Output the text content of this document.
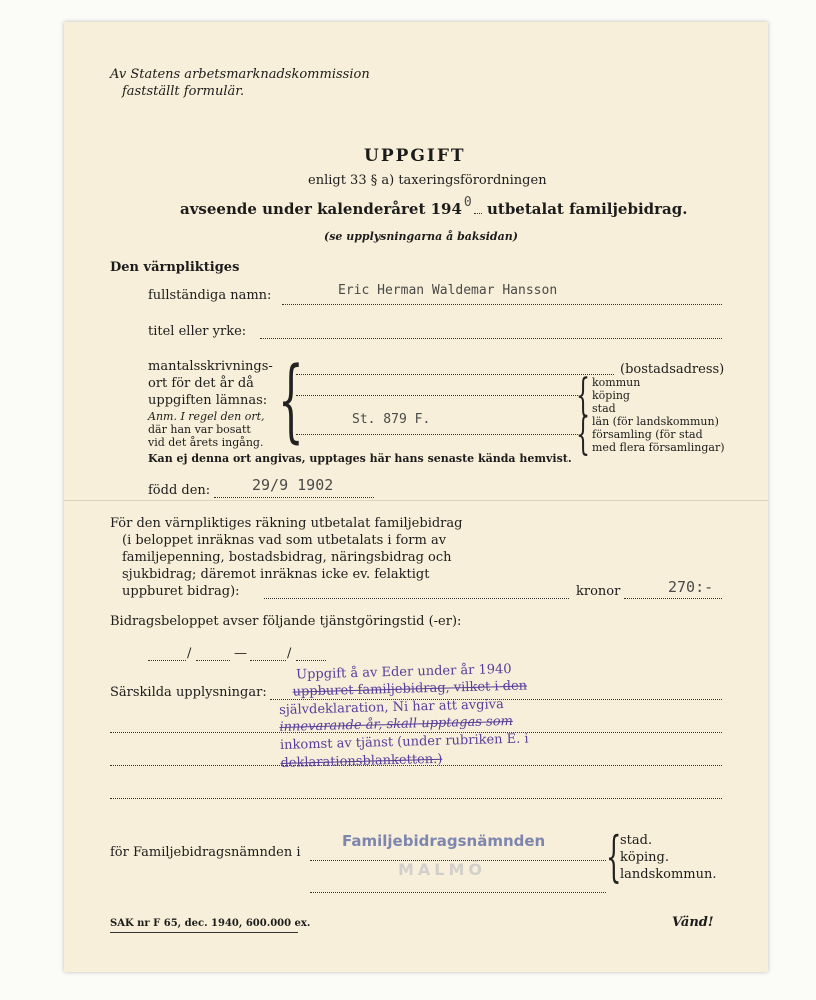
Av Statens arbetsmarknadskommission
fastställt formulär.
UPPGIFT
enligt 33 § a) taxeringsförordningen
avseende under kalenderåret 194 0 utbetalat familjebidrag.
(se upplysningarna å baksidan)
Den värnpliktiges
fullständiga namn:	Eric Herman Waldemar Hansson
titel eller yrke:
mantalsskrivnings-
ort för det år då
uppgiften lämnas:
Anm. I regel den ort,
där han var bosatt
vid det årets ingång. {	(bostadsadress)
{ kommun
köping
stad
St. 879 F.	{ län (för landskommun)
församling (för stad
med flera församlingar)
Kan ej denna ort angivas, upptages här hans senaste kända hemvist.
född den:	29/9 1902
För den värnpliktiges räkning utbetalat familjebidrag
(i beloppet inräknas vad som utbetalats i form av
familjepenning, bostadsbidrag, näringsbidrag och
sjukbidrag; däremot inräknas icke ev. felaktigt
uppburet bidrag):	kronor	270:-
Bidragsbeloppet avser följande tjänstgöringstid (-er):
/	—	/
Särskilda upplysningar:
Uppgift å av Eder under år 1940
uppburet familjebidrag, vilket i den
självdeklaration, Ni har att avgiva
innevarande år, skall upptagas som
inkomst av tjänst (under rubriken E. i
deklarationsblanketten.)
för Familjebidragsnämnden i	{
stad.
köping.
landskommun.
Familjebidragsnämnden
MALMÖ
SAK nr F 65, dec. 1940, 600.000 ex.	Vänd!
